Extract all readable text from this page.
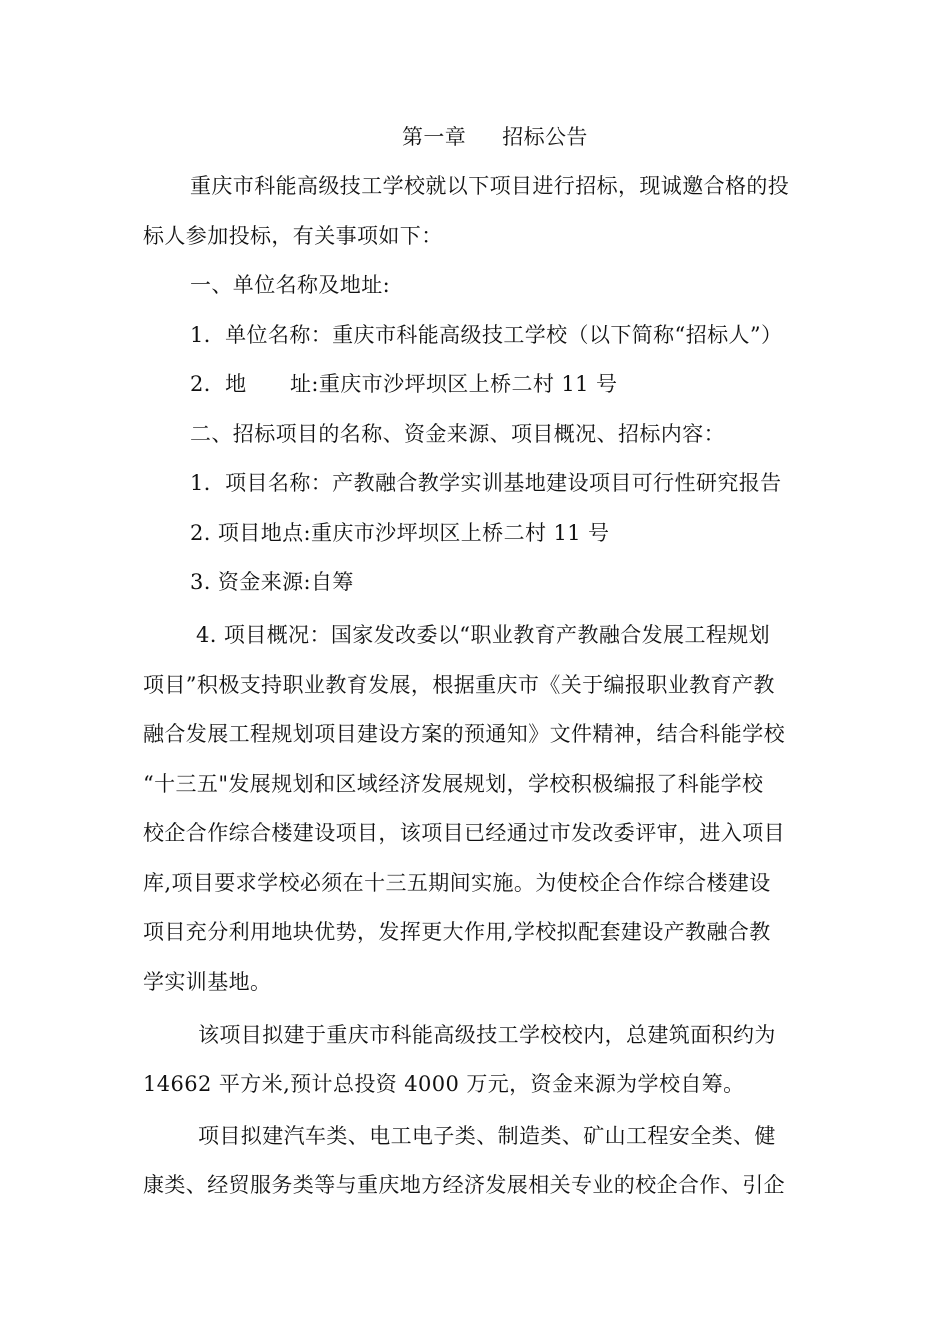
第一章 招标公告

重庆市科能高级技工学校就以下项目进行招标，现诚邀合格的投

标人参加投标，有关事项如下：

一、单位名称及地址:

1．单位名称：重庆市科能高级技工学校（以下简称“招标人”）

2．地 址:重庆市沙坪坝区上桥二村 11 号

二、招标项目的名称、资金来源、项目概况、招标内容：

1．项目名称：产教融合教学实训基地建设项目可行性研究报告

2. 项目地点:重庆市沙坪坝区上桥二村 11 号

3. 资金来源:自筹

4. 项目概况：国家发改委以“职业教育产教融合发展工程规划

项目”积极支持职业教育发展，根据重庆市《关于编报职业教育产教

融合发展工程规划项目建设方案的预通知》文件精神，结合科能学校

“十三五"发展规划和区域经济发展规划，学校积极编报了科能学校

校企合作综合楼建设项目，该项目已经通过市发改委评审，进入项目

库,项目要求学校必须在十三五期间实施。为使校企合作综合楼建设

项目充分利用地块优势，发挥更大作用,学校拟配套建设产教融合教

学实训基地。

该项目拟建于重庆市科能高级技工学校校内，总建筑面积约为

14662 平方米,预计总投资 4000 万元，资金来源为学校自筹。

项目拟建汽车类、电工电子类、制造类、矿山工程安全类、健

康类、经贸服务类等与重庆地方经济发展相关专业的校企合作、引企
